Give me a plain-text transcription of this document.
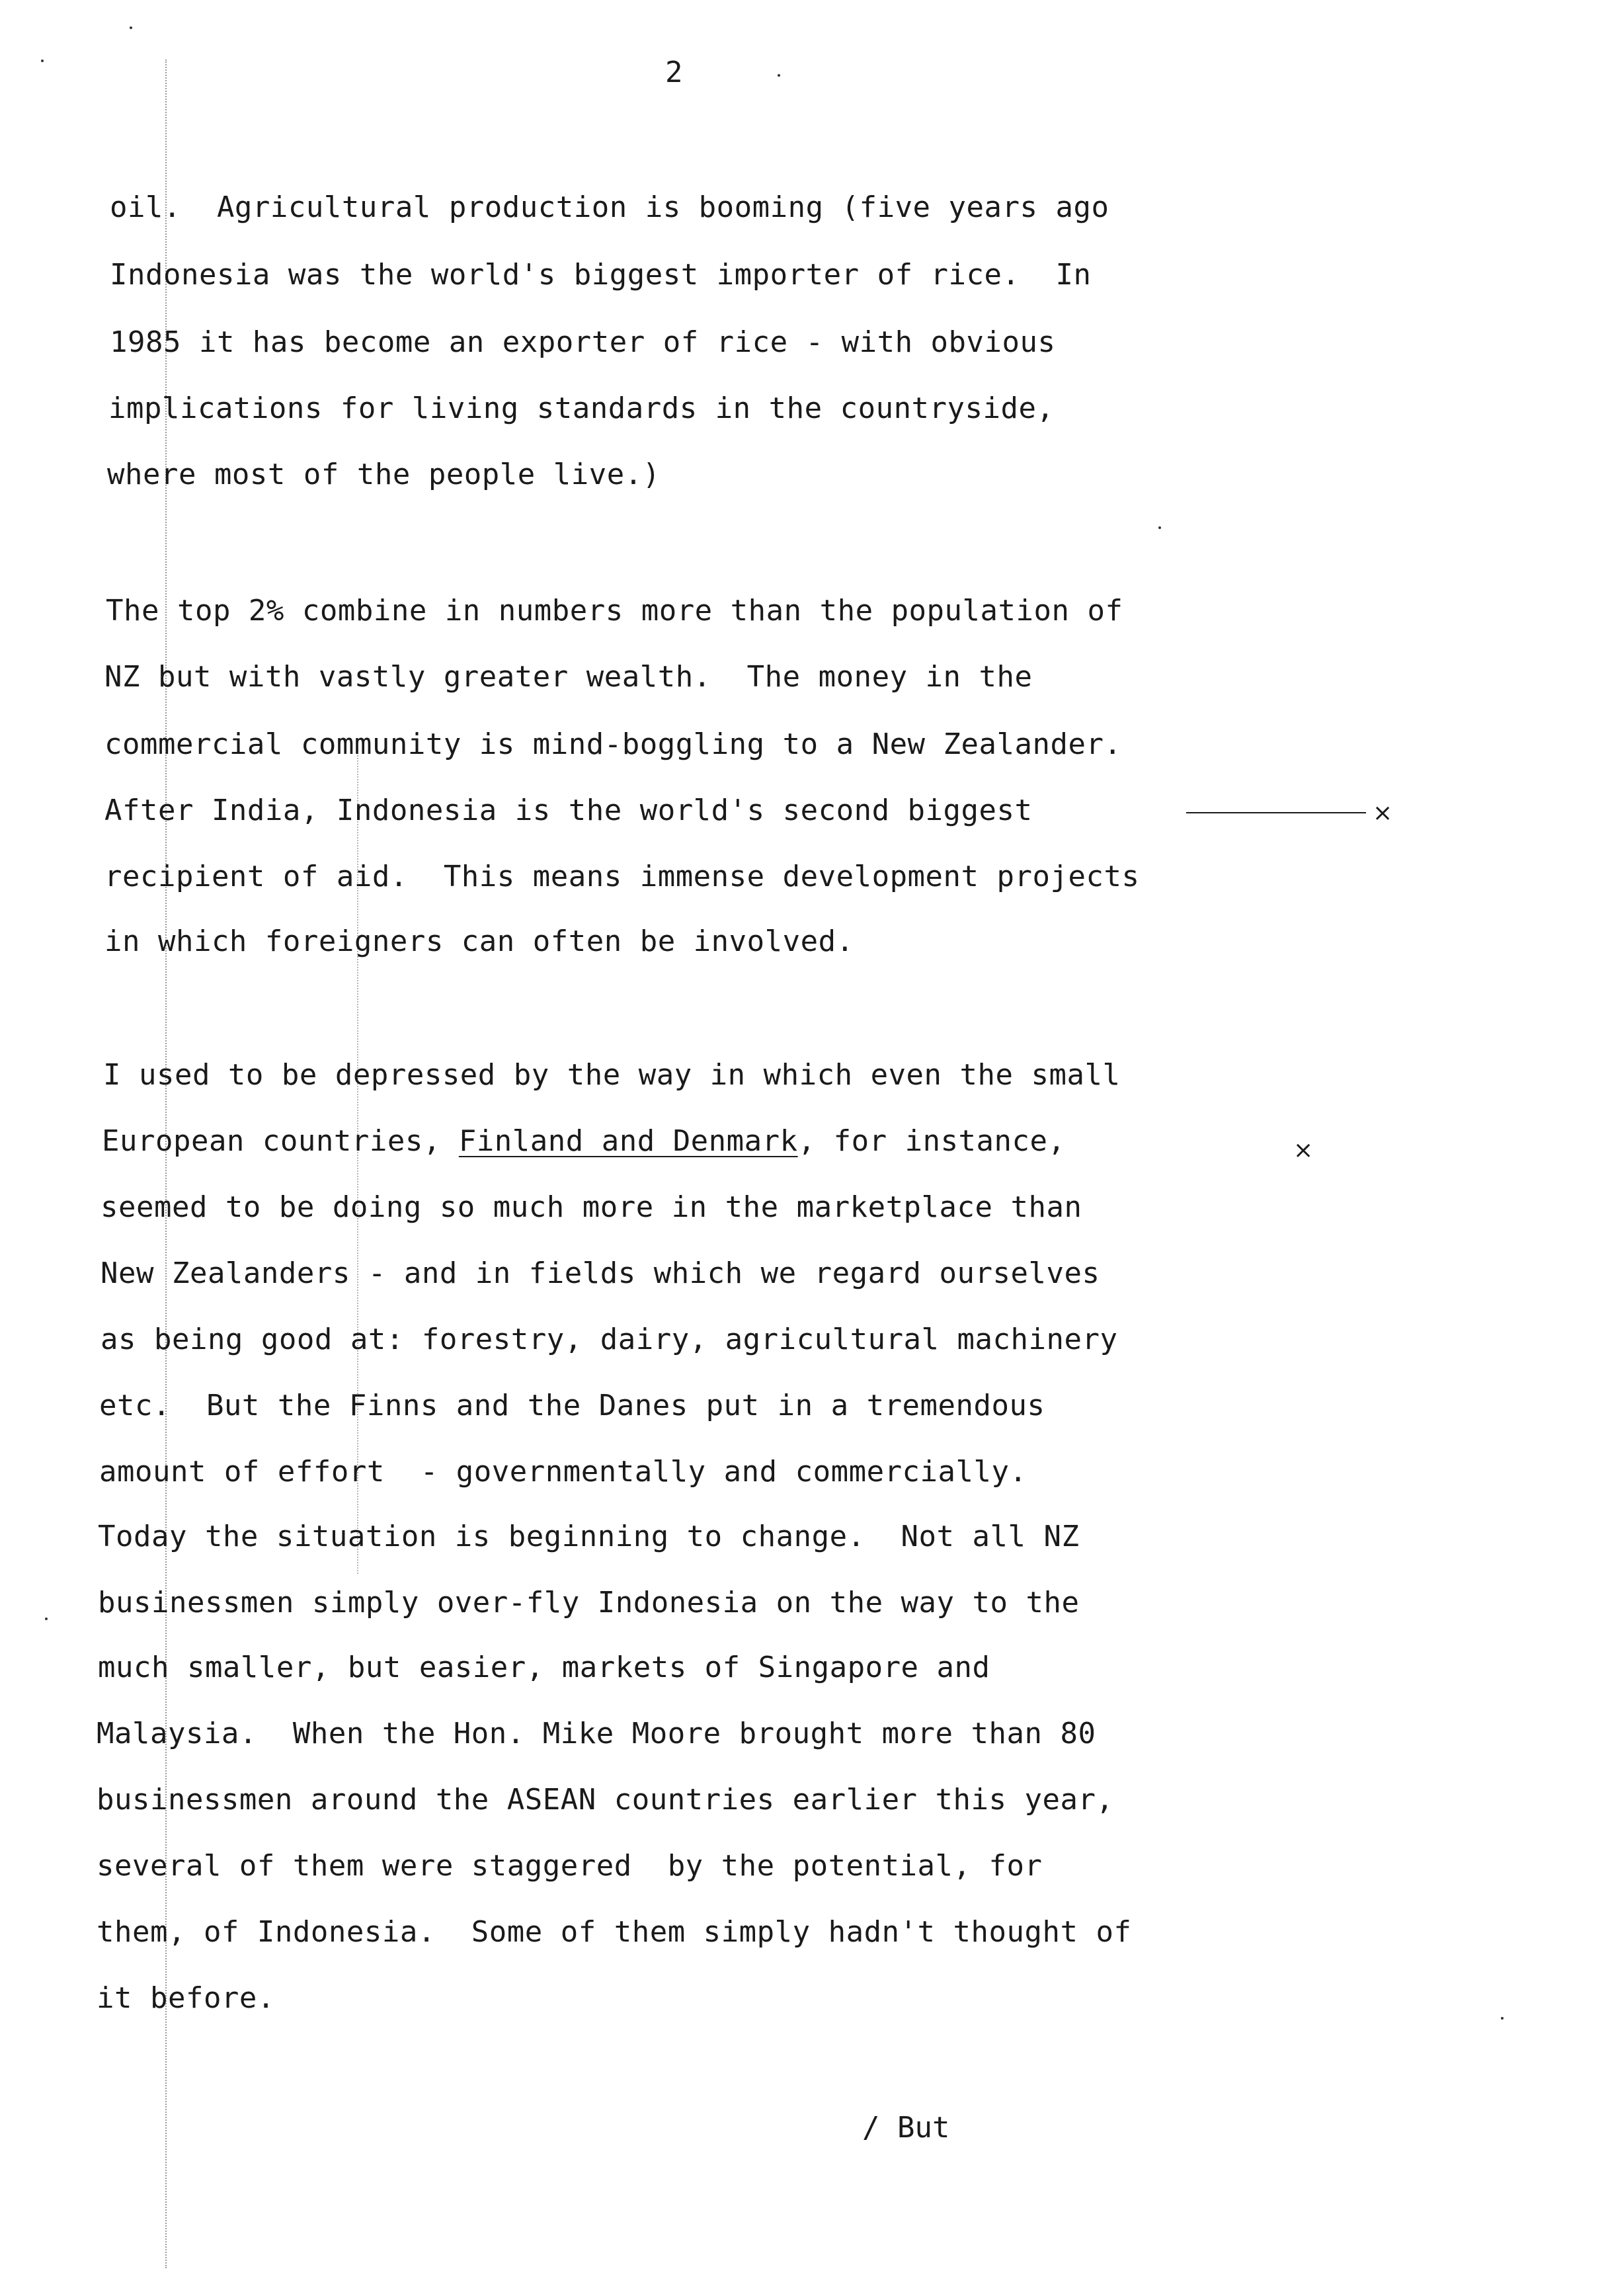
2
oil.  Agricultural production is booming (five years ago
Indonesia was the world's biggest importer of rice.  In
1985 it has become an exporter of rice - with obvious
implications for living standards in the countryside,
where most of the people live.)
The top 2% combine in numbers more than the population of
NZ but with vastly greater wealth.  The money in the
commercial community is mind-boggling to a New Zealander.
After India, Indonesia is the world's second biggest
recipient of aid.  This means immense development projects
in which foreigners can often be involved.
I used to be depressed by the way in which even the small
European countries, Finland and Denmark, for instance,
seemed to be doing so much more in the marketplace than
New Zealanders - and in fields which we regard ourselves
as being good at: forestry, dairy, agricultural machinery
etc.  But the Finns and the Danes put in a tremendous
amount of effort  - governmentally and commercially.
Today the situation is beginning to change.  Not all NZ
businessmen simply over-fly Indonesia on the way to the
much smaller, but easier, markets of Singapore and
Malaysia.  When the Hon. Mike Moore brought more than 80
businessmen around the ASEAN countries earlier this year,
several of them were staggered  by the potential, for
them, of Indonesia.  Some of them simply hadn't thought of
it before.
/ But
×
×
